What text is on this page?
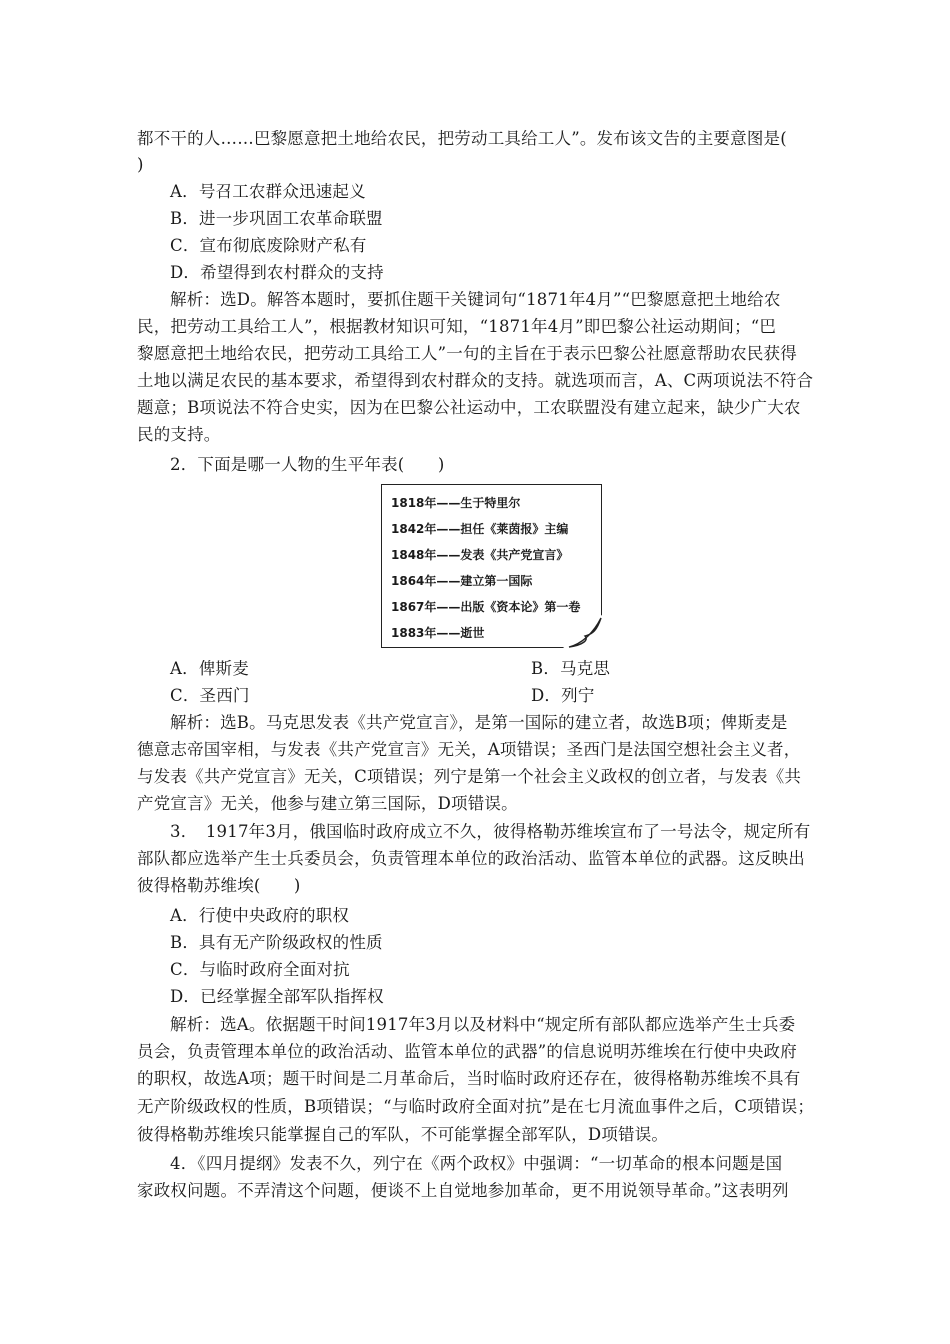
都不干的人……巴黎愿意把土地给农民，把劳动工具给工人”。发布该文告的主要意图是(
)
A．号召工农群众迅速起义
B．进一步巩固工农革命联盟
C．宣布彻底废除财产私有
D．希望得到农村群众的支持
解析：选D。解答本题时，要抓住题干关键词句“1871年4月”“巴黎愿意把土地给农
民，把劳动工具给工人”，根据教材知识可知，“1871年4月”即巴黎公社运动期间；“巴
黎愿意把土地给农民，把劳动工具给工人”一句的主旨在于表示巴黎公社愿意帮助农民获得
土地以满足农民的基本要求，希望得到农村群众的支持。就选项而言，A、C两项说法不符合
题意；B项说法不符合史实，因为在巴黎公社运动中，工农联盟没有建立起来，缺少广大农
民的支持。
2．下面是哪一人物的生平年表(　　)
1818年——生于特里尔
1842年——担任《莱茵报》主编
1848年——发表《共产党宣言》
1864年——建立第一国际
1867年——出版《资本论》第一卷
1883年——逝世
A．俾斯麦	B．马克思
C．圣西门	D．列宁
解析：选B。马克思发表《共产党宣言》，是第一国际的建立者，故选B项；俾斯麦是
德意志帝国宰相，与发表《共产党宣言》无关，A项错误；圣西门是法国空想社会主义者，
与发表《共产党宣言》无关，C项错误；列宁是第一个社会主义政权的创立者，与发表《共
产党宣言》无关，他参与建立第三国际，D项错误。
3．　1917年3月，俄国临时政府成立不久，彼得格勒苏维埃宣布了一号法令，规定所有
部队都应选举产生士兵委员会，负责管理本单位的政治活动、监管本单位的武器。这反映出
彼得格勒苏维埃(　　)
A．行使中央政府的职权
B．具有无产阶级政权的性质
C．与临时政府全面对抗
D．已经掌握全部军队指挥权
解析：选A。依据题干时间1917年3月以及材料中“规定所有部队都应选举产生士兵委
员会，负责管理本单位的政治活动、监管本单位的武器”的信息说明苏维埃在行使中央政府
的职权，故选A项；题干时间是二月革命后，当时临时政府还存在，彼得格勒苏维埃不具有
无产阶级政权的性质，B项错误；“与临时政府全面对抗”是在七月流血事件之后，C项错误；
彼得格勒苏维埃只能掌握自己的军队，不可能掌握全部军队，D项错误。
4．《四月提纲》发表不久，列宁在《两个政权》中强调：“一切革命的根本问题是国
家政权问题。不弄清这个问题，便谈不上自觉地参加革命，更不用说领导革命。”这表明列
